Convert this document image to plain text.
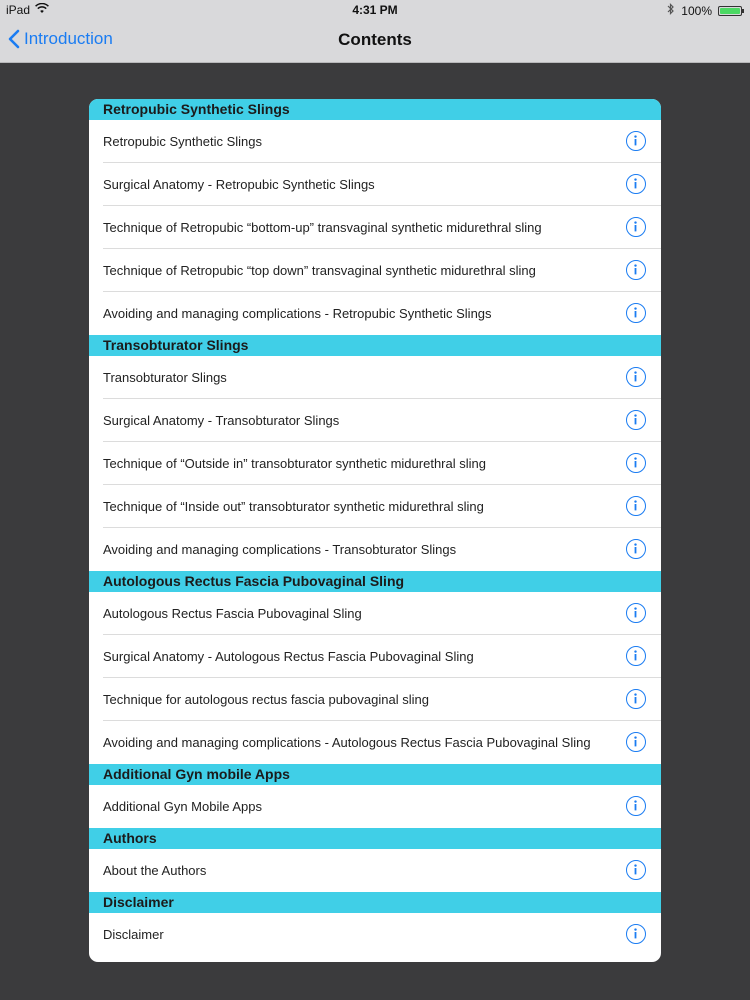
iPad	4:31 PM	100%
Introduction	Contents
Retropubic Synthetic Slings
Retropubic Synthetic Slings
Surgical Anatomy - Retropubic Synthetic Slings
Technique of Retropubic “bottom-up” transvaginal synthetic midurethral sling
Technique of Retropubic “top down” transvaginal synthetic midurethral sling
Avoiding and managing complications - Retropubic Synthetic Slings
Transobturator Slings
Transobturator Slings
Surgical Anatomy - Transobturator Slings
Technique of “Outside in” transobturator synthetic midurethral sling
Technique of “Inside out” transobturator synthetic midurethral sling
Avoiding and managing complications - Transobturator Slings
Autologous Rectus Fascia Pubovaginal Sling
Autologous Rectus Fascia Pubovaginal Sling
Surgical Anatomy - Autologous Rectus Fascia Pubovaginal Sling
Technique for autologous rectus fascia pubovaginal sling
Avoiding and managing complications - Autologous Rectus Fascia Pubovaginal Sling
Additional Gyn mobile Apps
Additional Gyn Mobile Apps
Authors
About the Authors
Disclaimer
Disclaimer
